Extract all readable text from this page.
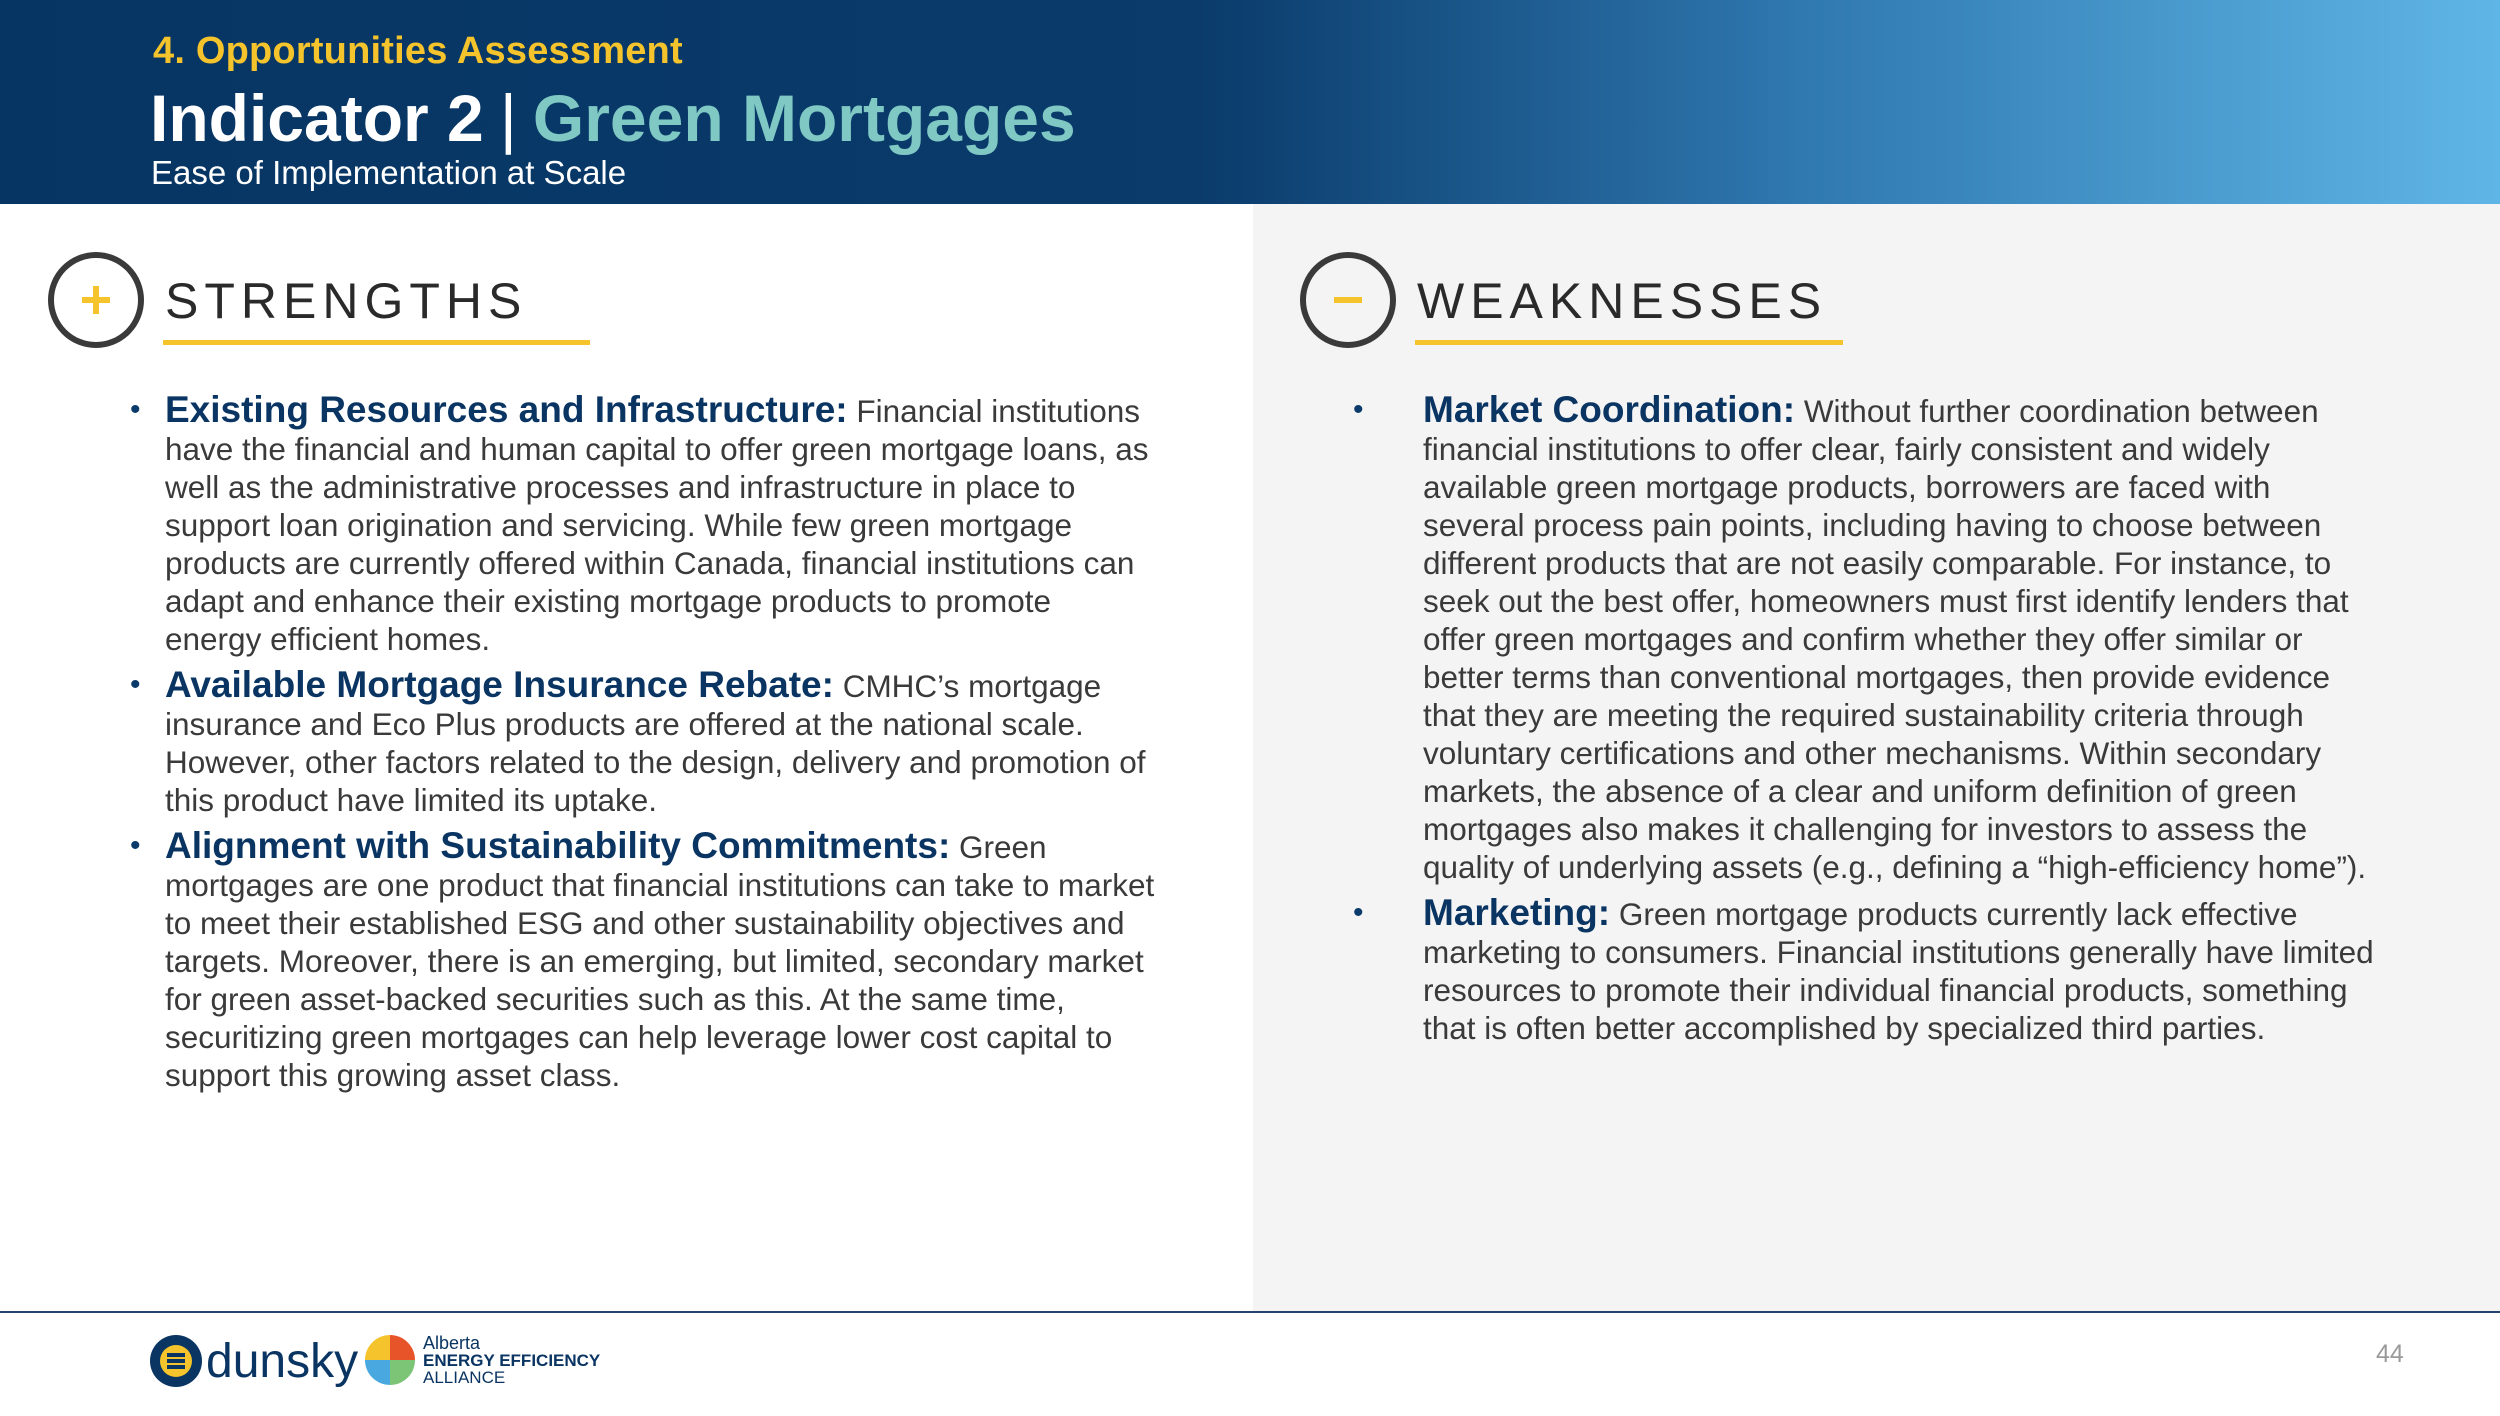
4. Opportunities Assessment
Indicator 2 | Green Mortgages
Ease of Implementation at Scale
STRENGTHS
• Existing Resources and Infrastructure: Financial institutions have the financial and human capital to offer green mortgage loans, as well as the administrative processes and infrastructure in place to support loan origination and servicing. While few green mortgage products are currently offered within Canada, financial institutions can adapt and enhance their existing mortgage products to promote energy efficient homes.
• Available Mortgage Insurance Rebate: CMHC’s mortgage insurance and Eco Plus products are offered at the national scale. However, other factors related to the design, delivery and promotion of this product have limited its uptake.
• Alignment with Sustainability Commitments: Green mortgages are one product that financial institutions can take to market to meet their established ESG and other sustainability objectives and targets. Moreover, there is an emerging, but limited, secondary market for green asset-backed securities such as this. At the same time, securitizing green mortgages can help leverage lower cost capital to support this growing asset class.
WEAKNESSES
• Market Coordination: Without further coordination between financial institutions to offer clear, fairly consistent and widely available green mortgage products, borrowers are faced with several process pain points, including having to choose between different products that are not easily comparable. For instance, to seek out the best offer, homeowners must first identify lenders that offer green mortgages and confirm whether they offer similar or better terms than conventional mortgages, then provide evidence that they are meeting the required sustainability criteria through voluntary certifications and other mechanisms. Within secondary markets, the absence of a clear and uniform definition of green mortgages also makes it challenging for investors to assess the quality of underlying assets (e.g., defining a “high-efficiency home”).
• Marketing: Green mortgage products currently lack effective marketing to consumers. Financial institutions generally have limited resources to promote their individual financial products, something that is often better accomplished by specialized third parties.
dunsky	Alberta
ENERGY EFFICIENCY
ALLIANCE
44
